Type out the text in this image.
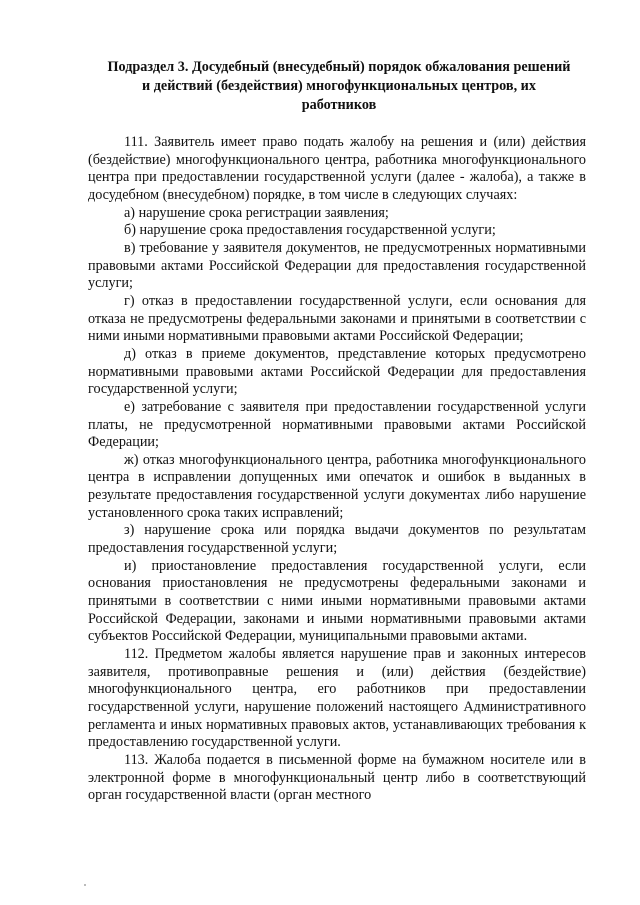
Подраздел 3. Досудебный (внесудебный) порядок обжалования решений
и действий (бездействия) многофункциональных центров, их
работников

111. Заявитель имеет право подать жалобу на решения и (или) действия (бездействие) многофункционального центра, работника многофункционального центра при предоставлении государственной услуги (далее - жалоба), а также в досудебном (внесудебном) порядке, в том числе в следующих случаях:

а) нарушение срока регистрации заявления;

б) нарушение срока предоставления государственной услуги;

в) требование у заявителя документов, не предусмотренных нормативными правовыми актами Российской Федерации для предоставления государственной услуги;

г) отказ в предоставлении государственной услуги, если основания для отказа не предусмотрены федеральными законами и принятыми в соответствии с ними иными нормативными правовыми актами Российской Федерации;

д) отказ в приеме документов, представление которых предусмотрено нормативными правовыми актами Российской Федерации для предоставления государственной услуги;

е) затребование с заявителя при предоставлении государственной услуги платы, не предусмотренной нормативными правовыми актами Российской Федерации;

ж) отказ многофункционального центра, работника многофункционального центра в исправлении допущенных ими опечаток и ошибок в выданных в результате предоставления государственной услуги документах либо нарушение установленного срока таких исправлений;

з) нарушение срока или порядка выдачи документов по результатам предоставления государственной услуги;

и) приостановление предоставления государственной услуги, если основания приостановления не предусмотрены федеральными законами и принятыми в соответствии с ними иными нормативными правовыми актами Российской Федерации, законами и иными нормативными правовыми актами субъектов Российской Федерации, муниципальными правовыми актами.

112. Предметом жалобы является нарушение прав и законных интересов заявителя, противоправные решения и (или) действия (бездействие) многофункционального центра, его работников при предоставлении государственной услуги, нарушение положений настоящего Административного регламента и иных нормативных правовых актов, устанавливающих требования к предоставлению государственной услуги.

113. Жалоба подается в письменной форме на бумажном носителе или в электронной форме в многофункциональный центр либо в соответствующий орган государственной власти (орган местного
